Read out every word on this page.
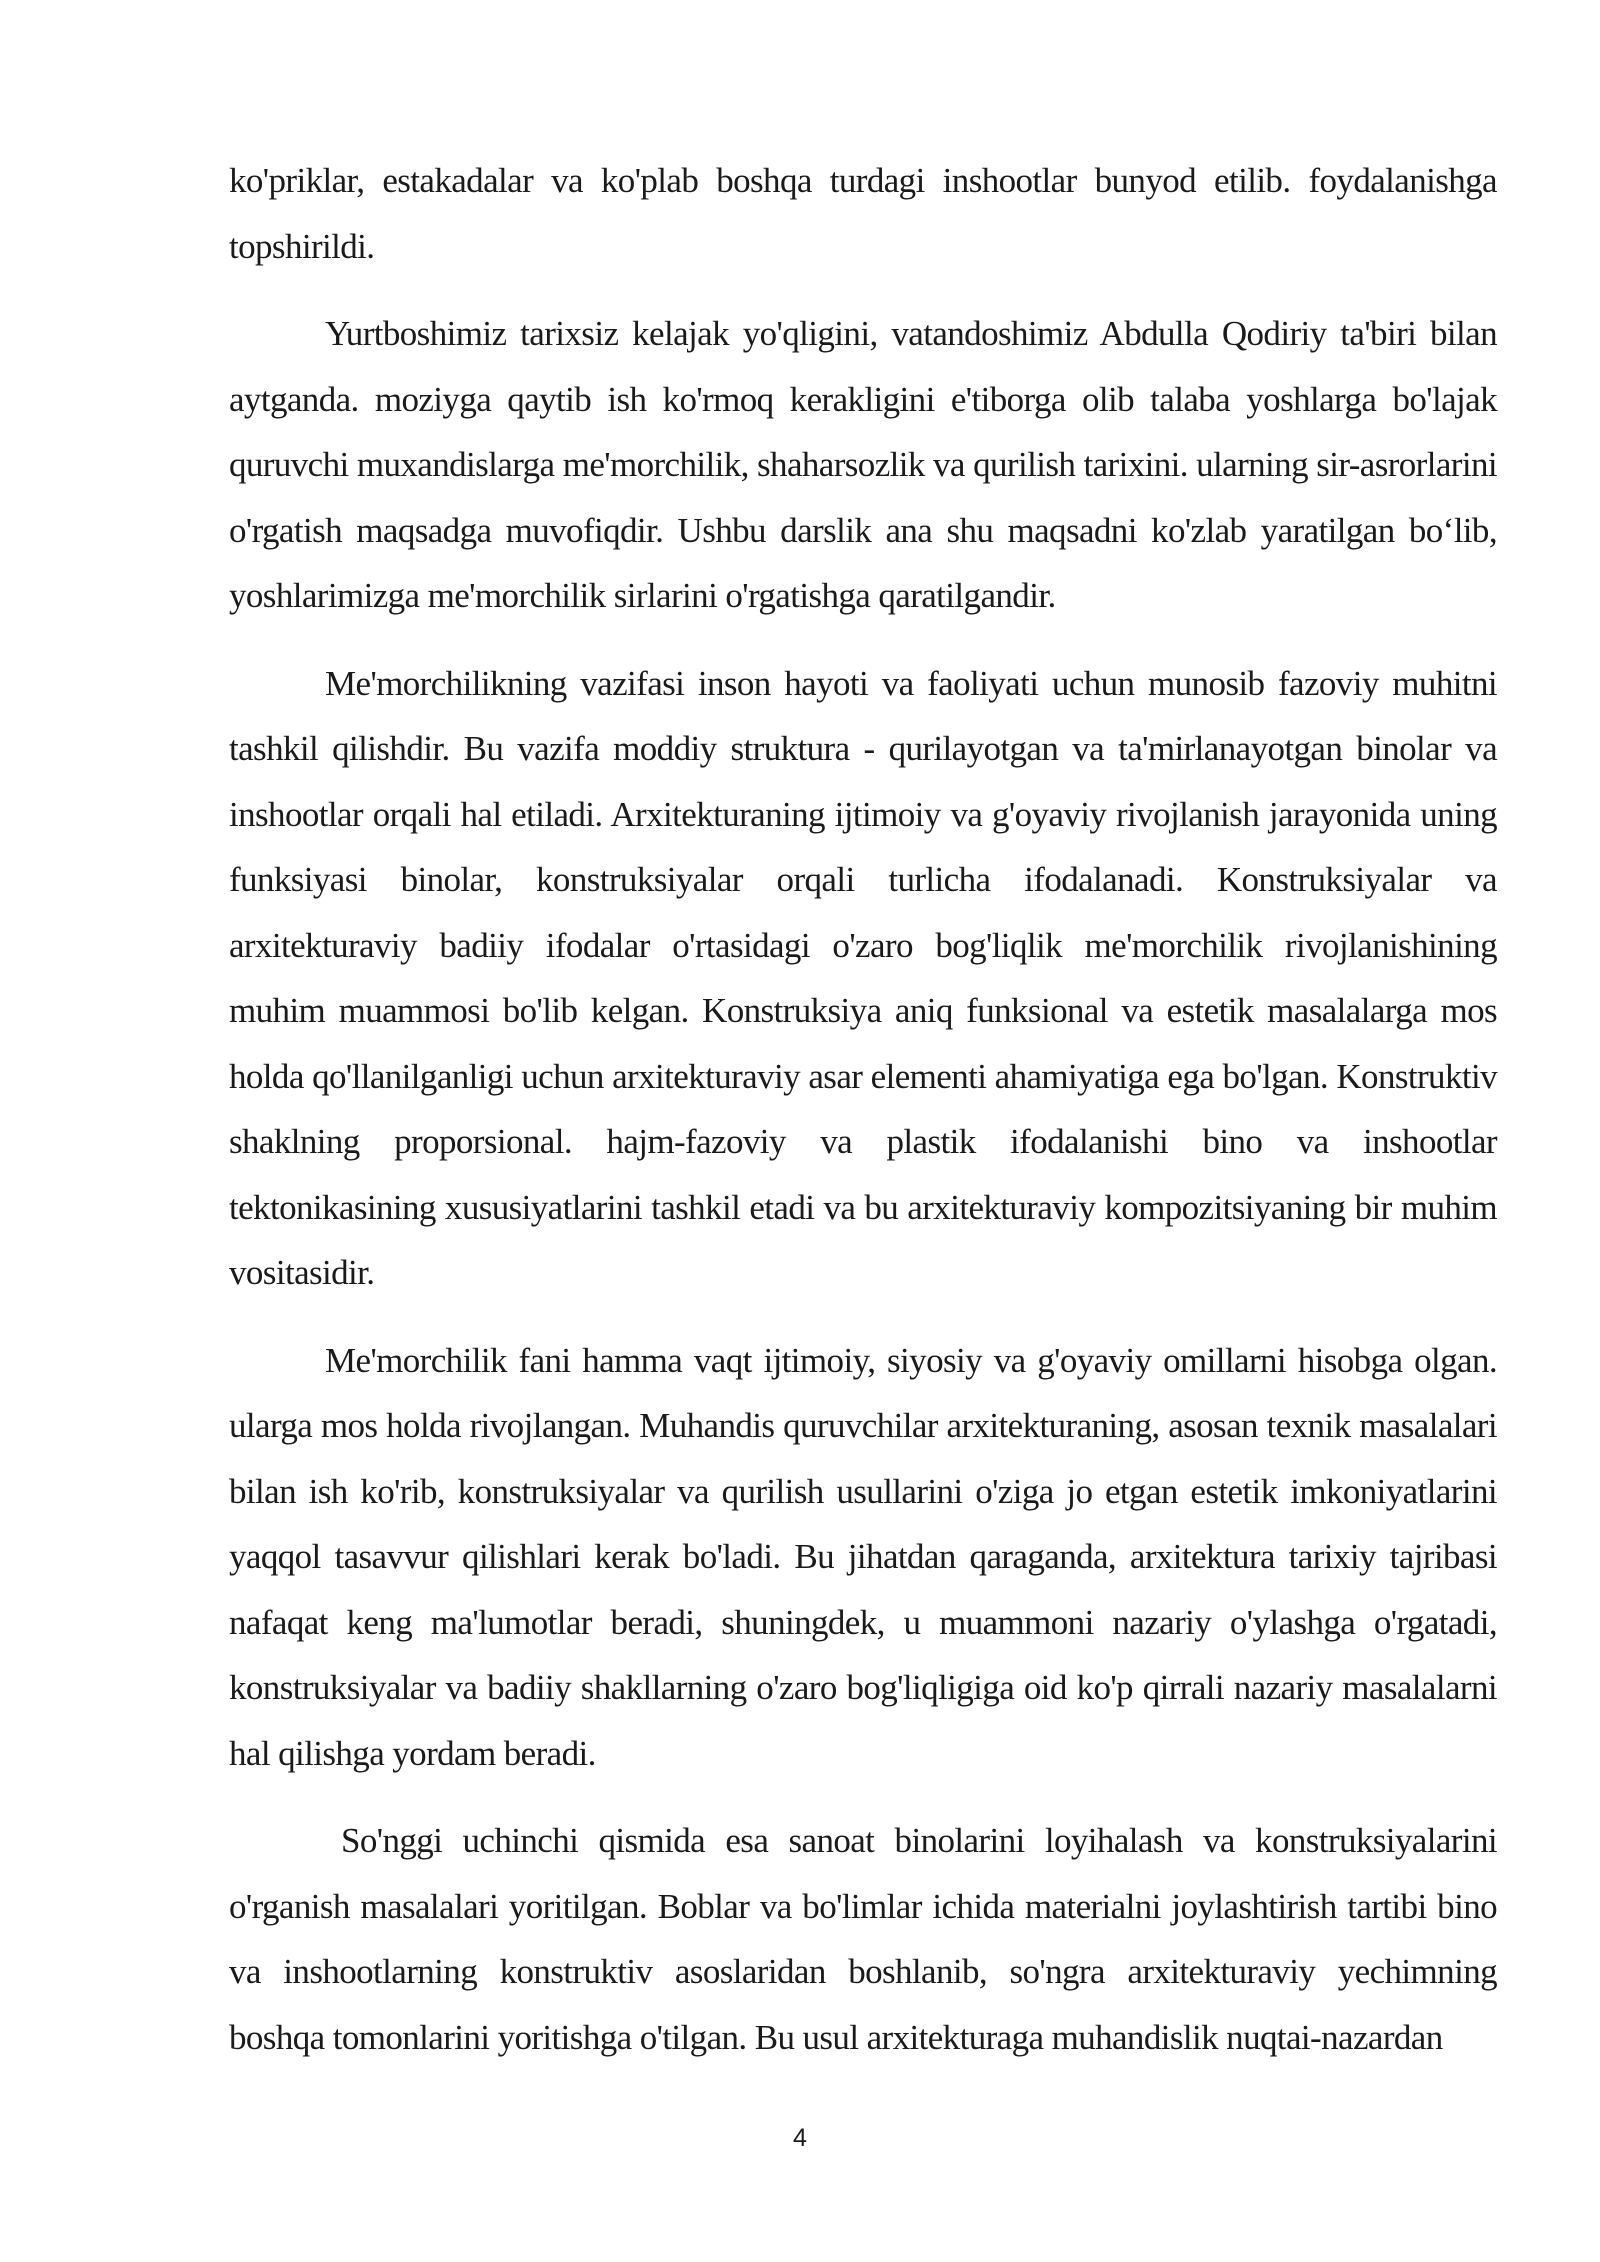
ko'priklar, estakadalar va ko'plab boshqa turdagi inshootlar bunyod etilib. foydalanishga topshirildi.

Yurtboshimiz tarixsiz kelajak yo'qligini, vatandoshimiz Abdulla Qodiriy ta'biri bilan aytganda. moziyga qaytib ish ko'rmoq kerakligini e'tiborga olib talaba yoshlarga bo'lajak quruvchi muxandislarga me'morchilik, shaharsozlik va qurilish tarixini. ularning sir-asrorlarini o'rgatish maqsadga muvofiqdir. Ushbu darslik ana shu maqsadni ko'zlab yaratilgan bo‘lib, yoshlarimizga me'morchilik sirlarini o'rgatishga qaratilgandir.

Me'morchilikning vazifasi inson hayoti va faoliyati uchun munosib fazoviy muhitni tashkil qilishdir. Bu vazifa moddiy struktura - qurilayotgan va ta'mirlanayotgan binolar va inshootlar orqali hal etiladi. Arxitekturaning ijtimoiy va g'oyaviy rivojlanish jarayonida uning funksiyasi binolar, konstruksiyalar orqali turlicha ifodalanadi. Konstruksiyalar va arxitekturaviy badiiy ifodalar o'rtasidagi o'zaro bog'liqlik me'morchilik rivojlanishining muhim muammosi bo'lib kelgan. Konstruksiya aniq funksional va estetik masalalarga mos holda qo'llanilganligi uchun arxitekturaviy asar elementi ahamiyatiga ega bo'lgan. Konstruktiv shaklning proporsional. hajm-fazoviy va plastik ifodalanishi bino va inshootlar tektonikasining xususiyatlarini tashkil etadi va bu arxitekturaviy kompozitsiyaning bir muhim vositasidir.

Me'morchilik fani hamma vaqt ijtimoiy, siyosiy va g'oyaviy omillarni hisobga olgan. ularga mos holda rivojlangan. Muhandis quruvchilar arxitekturaning, asosan texnik masalalari bilan ish ko'rib, konstruksiyalar va qurilish usullarini o'ziga jo etgan estetik imkoniyatlarini yaqqol tasavvur qilishlari kerak bo'ladi. Bu jihatdan qaraganda, arxitektura tarixiy tajribasi nafaqat keng ma'lumotlar beradi, shuningdek, u muammoni nazariy o'ylashga o'rgatadi, konstruksiyalar va badiiy shakllarning o'zaro bog'liqligiga oid ko'p qirrali nazariy masalalarni hal qilishga yordam beradi.

So'nggi uchinchi qismida esa sanoat binolarini loyihalash va konstruksiyalarini o'rganish masalalari yoritilgan. Boblar va bo'limlar ichida materialni joylashtirish tartibi bino va inshootlarning konstruktiv asoslaridan boshlanib, so'ngra arxitekturaviy yechimning boshqa tomonlarini yoritishga o'tilgan. Bu usul arxitekturaga muhandislik nuqtai-nazardan

4
